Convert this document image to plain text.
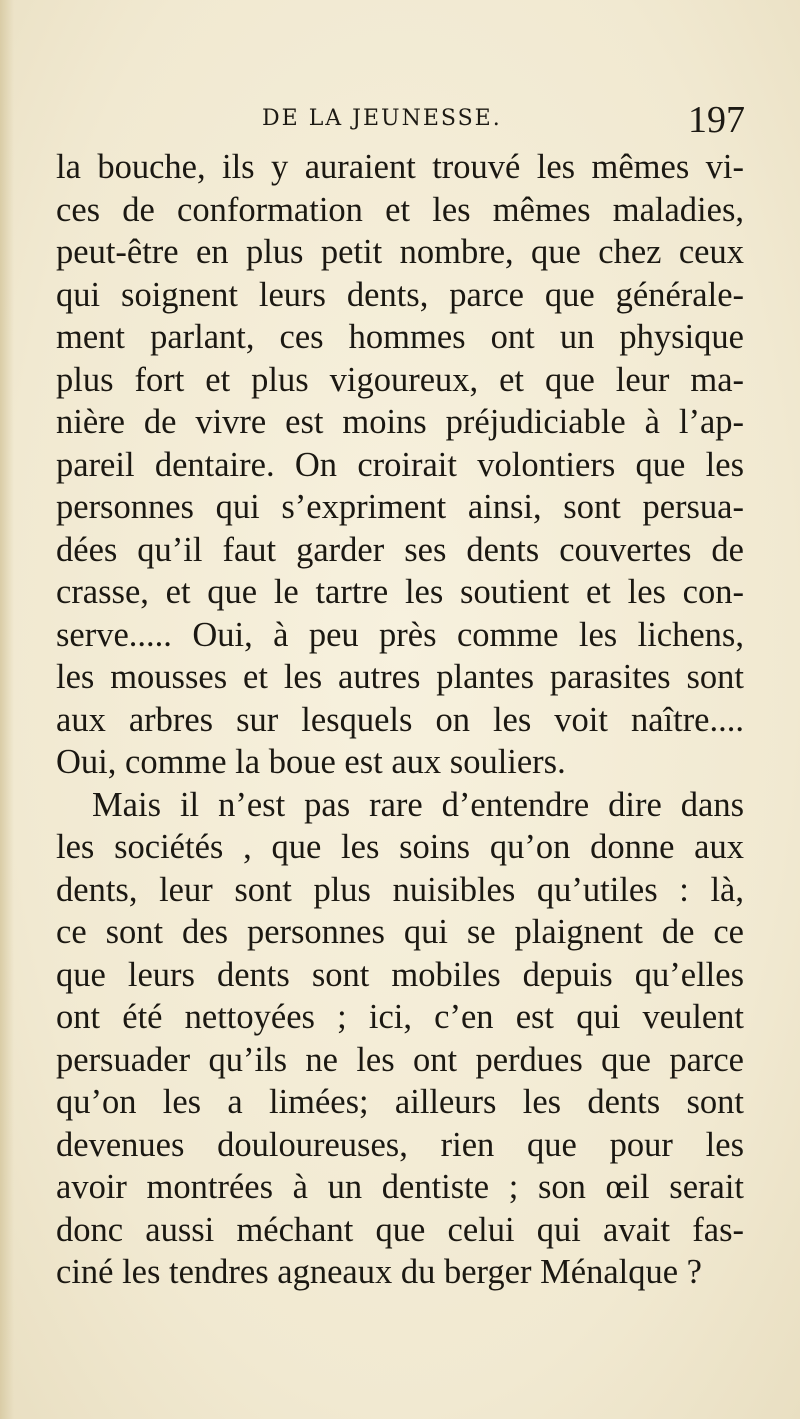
DE LA JEUNESSE.	197
la bouche, ils y auraient trouvé les mêmes vi-
ces de conformation et les mêmes maladies,
peut-être en plus petit nombre, que chez ceux
qui soignent leurs dents, parce que générale-
ment parlant, ces hommes ont un physique
plus fort et plus vigoureux, et que leur ma-
nière de vivre est moins préjudiciable à l’ap-
pareil dentaire. On croirait volontiers que les
personnes qui s’expriment ainsi, sont persua-
dées qu’il faut garder ses dents couvertes de
crasse, et que le tartre les soutient et les con-
serve..... Oui, à peu près comme les lichens,
les mousses et les autres plantes parasites sont
aux arbres sur lesquels on les voit naître....
Oui, comme la boue est aux souliers.
Mais il n’est pas rare d’entendre dire dans
les sociétés , que les soins qu’on donne aux
dents, leur sont plus nuisibles qu’utiles : là,
ce sont des personnes qui se plaignent de ce
que leurs dents sont mobiles depuis qu’elles
ont été nettoyées ; ici, c’en est qui veulent
persuader qu’ils ne les ont perdues que parce
qu’on les a limées; ailleurs les dents sont
devenues douloureuses, rien que pour les
avoir montrées à un dentiste ; son œil serait
donc aussi méchant que celui qui avait fas-
ciné les tendres agneaux du berger Ménalque ?
